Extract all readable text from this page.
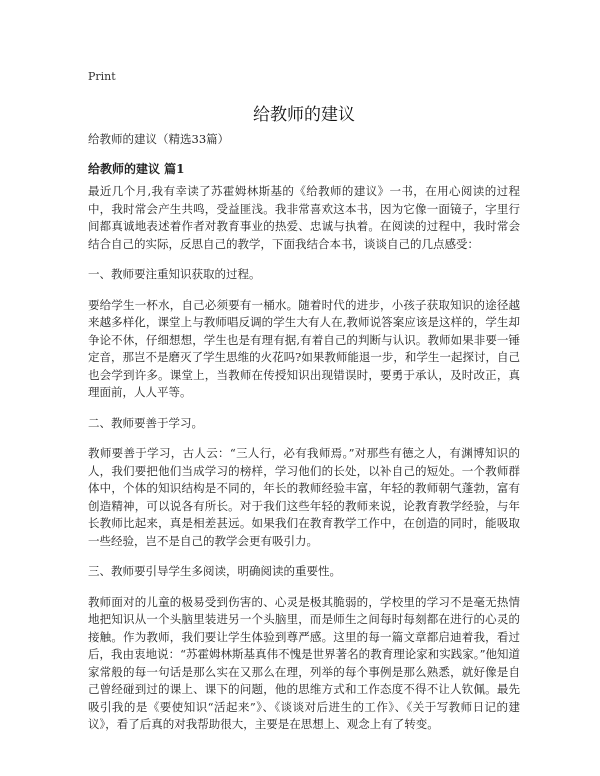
Print
给教师的建议

给教师的建议（精选33篇）

给教师的建议 篇1

最近几个月,我有幸读了苏霍姆林斯基的《给教师的建议》一书，在用心阅读的过程中，我时常会产生共鸣，受益匪浅。我非常喜欢这本书，因为它像一面镜子，字里行间都真诚地表述着作者对教育事业的热爱、忠诚与执着。在阅读的过程中，我时常会结合自己的实际，反思自己的教学，下面我结合本书，谈谈自己的几点感受：

一、教师要注重知识获取的过程。

要给学生一杯水，自己必须要有一桶水。随着时代的进步，小孩子获取知识的途径越来越多样化，课堂上与教师唱反调的学生大有人在,教师说答案应该是这样的，学生却争论不休，仔细想想，学生也是有理有据,有着自己的判断与认识。教师如果非要一锤定音，那岂不是磨灭了学生思维的火花吗?如果教师能退一步，和学生一起探讨，自己也会学到许多。课堂上，当教师在传授知识出现错误时，要勇于承认，及时改正，真理面前，人人平等。

二、教师要善于学习。

教师要善于学习，古人云：“三人行，必有我师焉。”对那些有德之人，有渊博知识的人，我们要把他们当成学习的榜样，学习他们的长处，以补自己的短处。一个教师群体中，个体的知识结构是不同的，年长的教师经验丰富，年轻的教师朝气蓬勃，富有创造精神，可以说各有所长。对于我们这些年轻的教师来说，论教育教学经验，与年长教师比起来，真是相差甚远。如果我们在教育教学工作中，在创造的同时，能吸取一些经验，岂不是自己的教学会更有吸引力。

三、教师要引导学生多阅读，明确阅读的重要性。

教师面对的儿童的极易受到伤害的、心灵是极其脆弱的，学校里的学习不是毫无热情地把知识从一个头脑里装进另一个头脑里，而是师生之间每时每刻都在进行的心灵的接触。作为教师，我们要让学生体验到尊严感。这里的每一篇文章都启迪着我，看过后，我由衷地说：“苏霍姆林斯基真伟不愧是世界著名的教育理论家和实践家。”他知道家常般的每一句话是那么实在又那么在理，列举的每个事例是那么熟悉，就好像是自己曾经碰到过的课上、课下的问题，他的思维方式和工作态度不得不让人钦佩。最先吸引我的是《要使知识“活起来”》、《谈谈对后进生的工作》、《关于写教师日记的建议》，看了后真的对我帮助很大，主要是在思想上、观念上有了转变。
